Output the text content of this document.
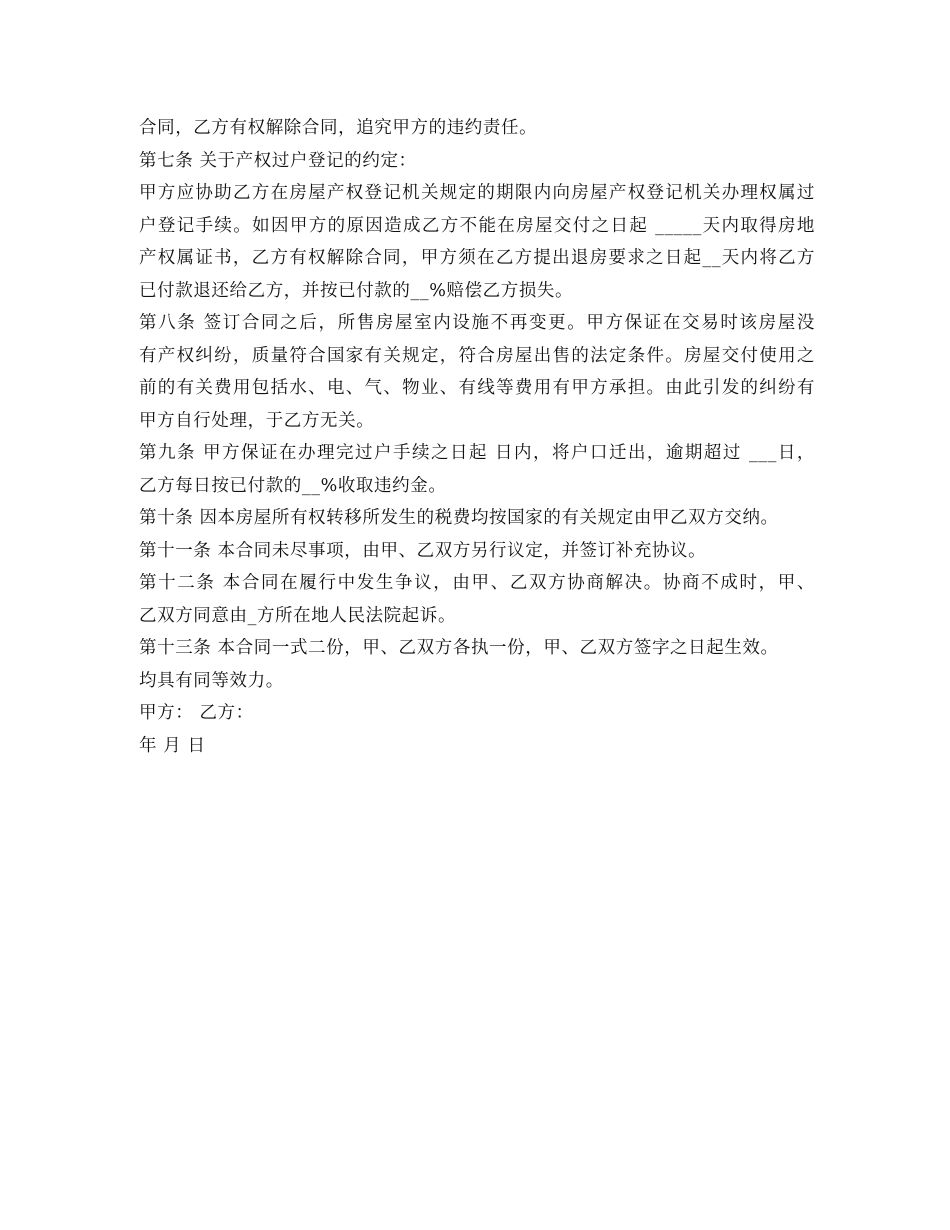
合同，乙方有权解除合同，追究甲方的违约责任。
第七条 关于产权过户登记的约定：
甲方应协助乙方在房屋产权登记机关规定的期限内向房屋产权登记机关办理权属过
户登记手续。如因甲方的原因造成乙方不能在房屋交付之日起 _____天内取得房地
产权属证书，乙方有权解除合同，甲方须在乙方提出退房要求之日起__天内将乙方
已付款退还给乙方，并按已付款的__%赔偿乙方损失。
第八条 签订合同之后，所售房屋室内设施不再变更。甲方保证在交易时该房屋没
有产权纠纷，质量符合国家有关规定，符合房屋出售的法定条件。房屋交付使用之
前的有关费用包括水、电、气、物业、有线等费用有甲方承担。由此引发的纠纷有
甲方自行处理，于乙方无关。
第九条 甲方保证在办理完过户手续之日起 日内，将户口迁出，逾期超过 ___日，
乙方每日按已付款的__%收取违约金。
第十条 因本房屋所有权转移所发生的税费均按国家的有关规定由甲乙双方交纳。
第十一条 本合同未尽事项，由甲、乙双方另行议定，并签订补充协议。
第十二条 本合同在履行中发生争议，由甲、乙双方协商解决。协商不成时，甲、
乙双方同意由_方所在地人民法院起诉。
第十三条 本合同一式二份，甲、乙双方各执一份，甲、乙双方签字之日起生效。
均具有同等效力。
甲方： 乙方：
年 月 日
